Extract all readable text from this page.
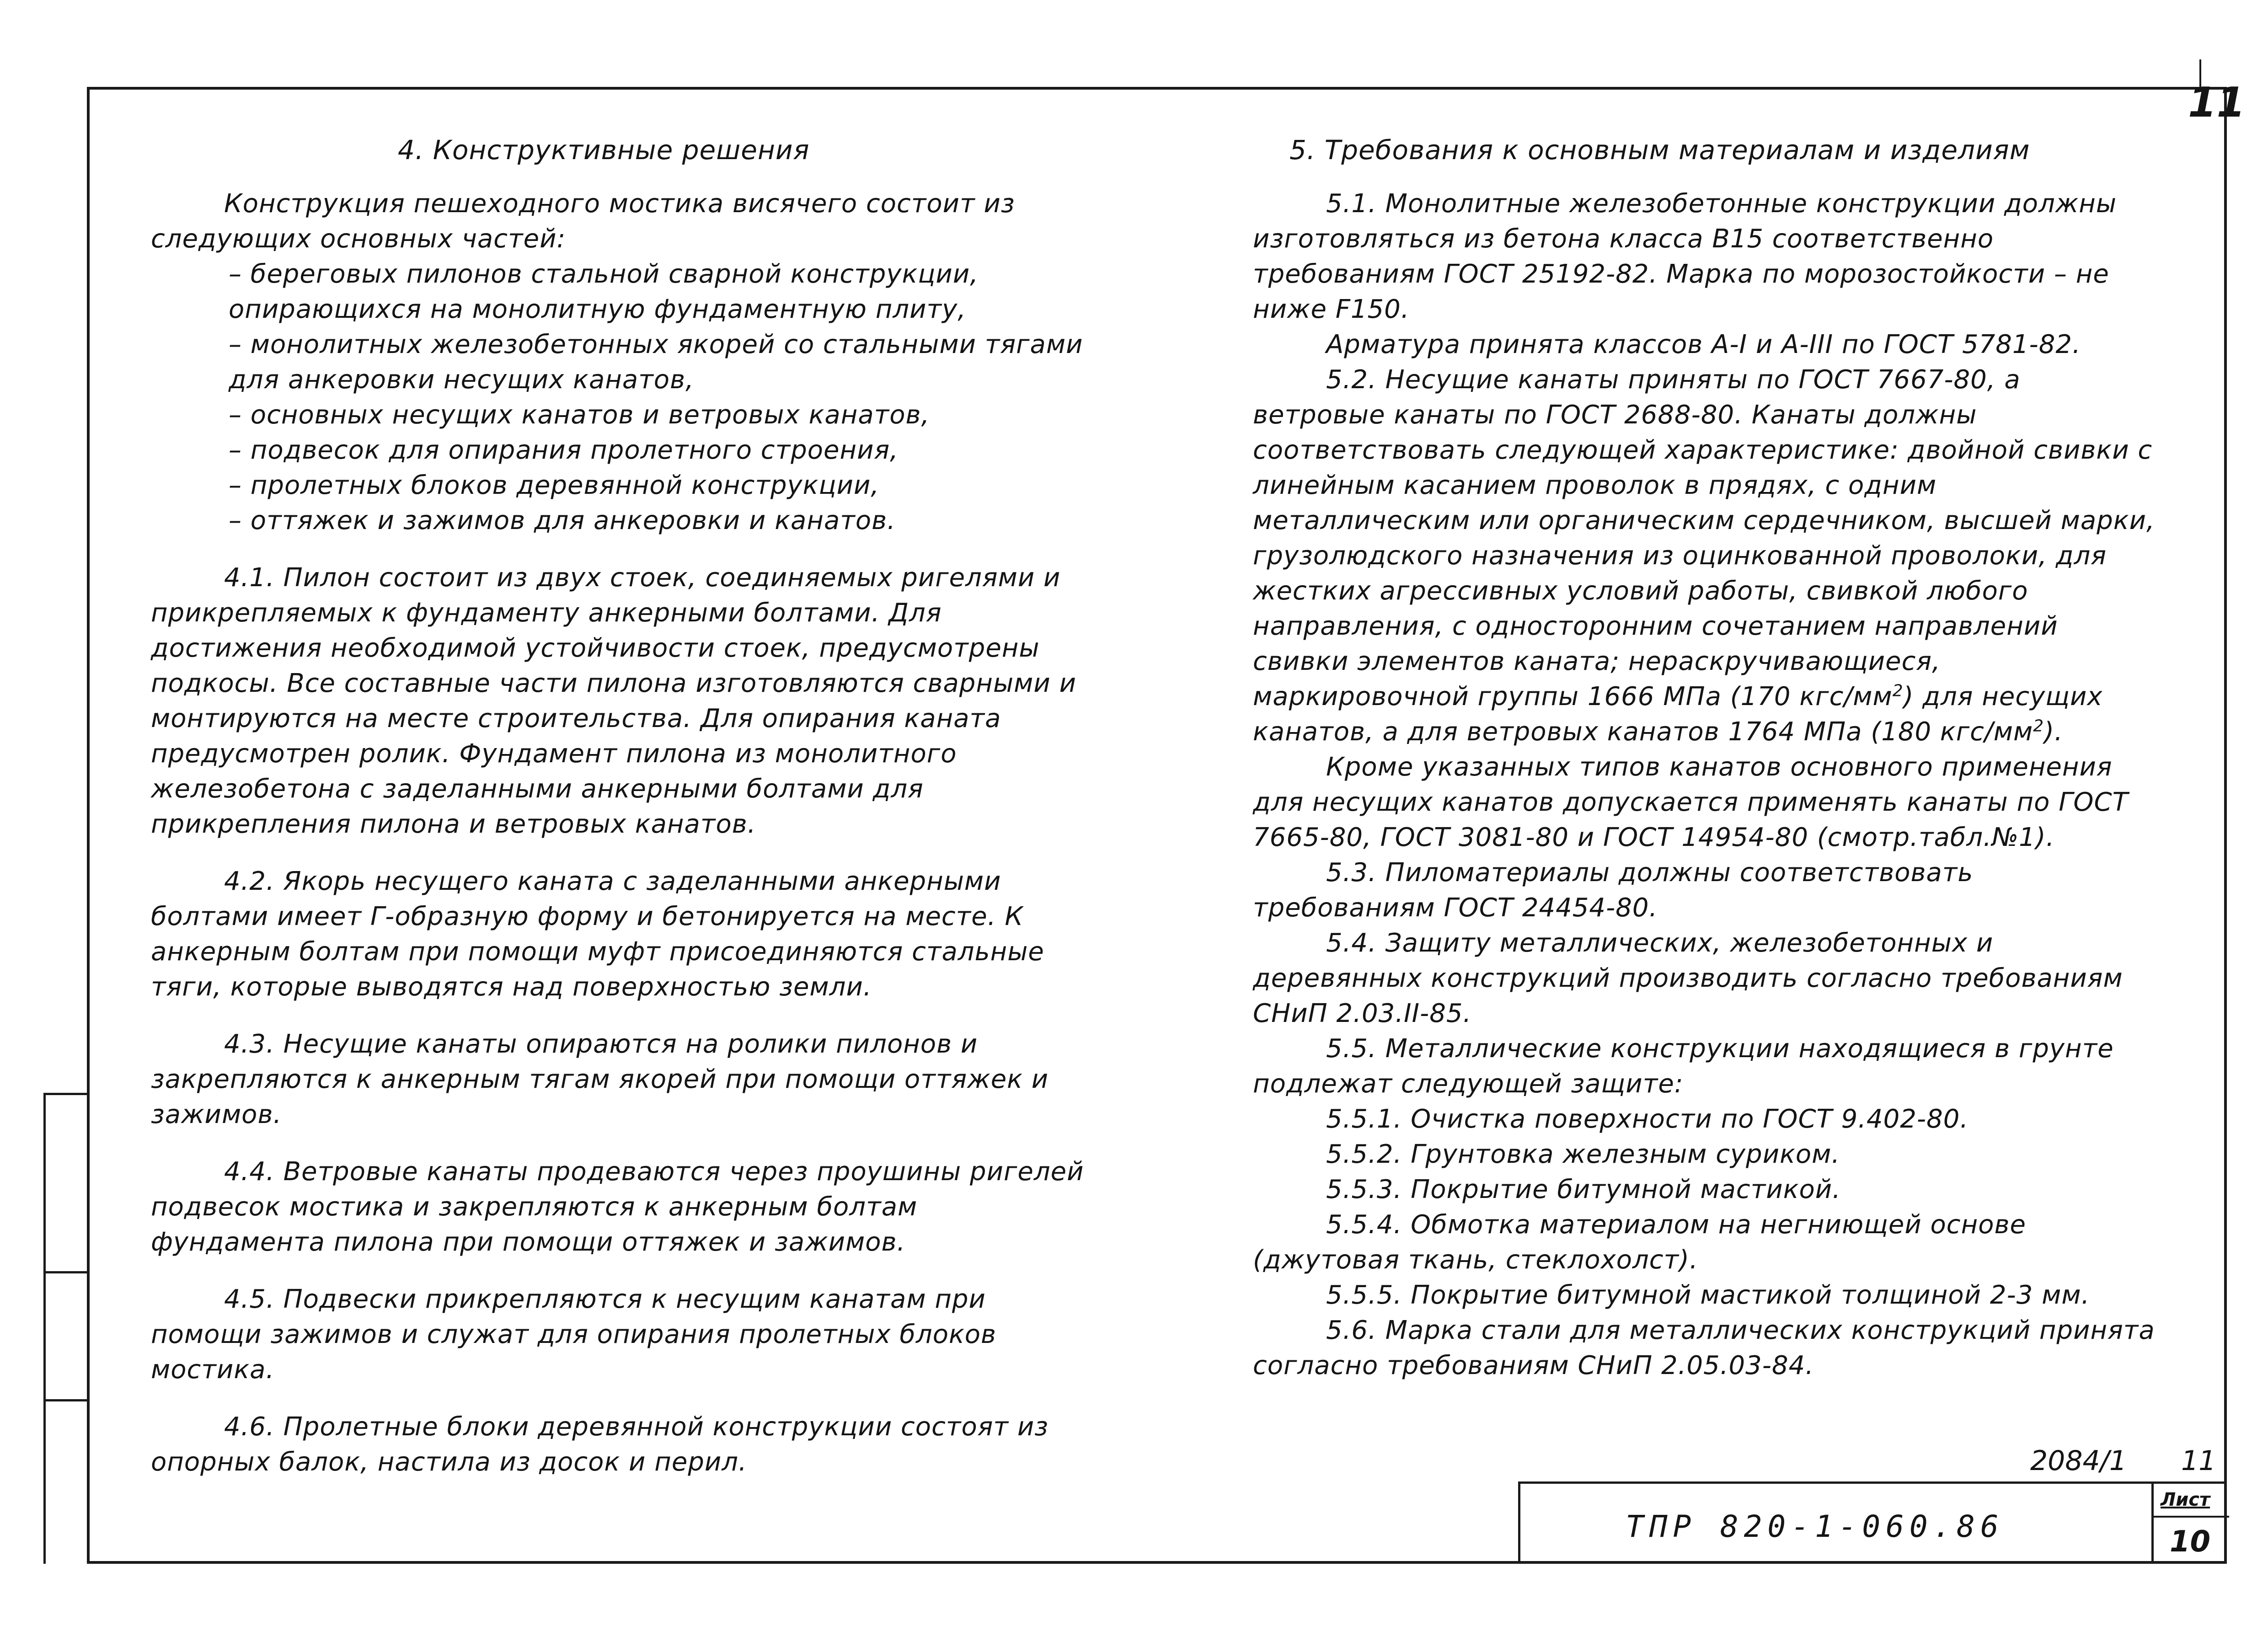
11
4. Конструктивные решения

Конструкция пешеходного мостика висячего состоит из следующих основных частей:

– береговых пилонов стальной сварной конструкции, опирающихся на монолитную фундаментную плиту,

– монолитных железобетонных якорей со стальными тягами для анкеровки несущих канатов,

– основных несущих канатов и ветровых канатов,

– подвесок для опирания пролетного строения,

– пролетных блоков деревянной конструкции,

– оттяжек и зажимов для анкеровки и канатов.

4.1. Пилон состоит из двух стоек, соединяемых ригелями и прикрепляемых к фундаменту анкерными болтами. Для достижения необходимой устойчивости стоек, предусмотрены подкосы. Все составные части пилона изготовляются сварными и монтируются на месте строительства. Для опирания каната предусмотрен ролик. Фундамент пилона из монолитного железобетона с заделанными анкерными болтами для прикрепления пилона и ветровых канатов.

4.2. Якорь несущего каната с заделанными анкерными болтами имеет Г-образную форму и бетонируется на месте. К анкерным болтам при помощи муфт присоединяются стальные тяги, которые выводятся над поверхностью земли.

4.3. Несущие канаты опираются на ролики пилонов и закрепляются к анкерным тягам якорей при помощи оттяжек и зажимов.

4.4. Ветровые канаты продеваются через проушины ригелей подвесок мостика и закрепляются к анкерным болтам фундамента пилона при помощи оттяжек и зажимов.

4.5. Подвески прикрепляются к несущим канатам при помощи зажимов и служат для опирания пролетных блоков мостика.

4.6. Пролетные блоки деревянной конструкции состоят из опорных балок, настила из досок и перил.

5. Требования к основным материалам и изделиям

5.1. Монолитные железобетонные конструкции должны изготовляться из бетона класса В15 соответственно требованиям ГОСТ 25192-82. Марка по морозостойкости – не ниже F150.

Арматура принята классов А-I и А-III по ГОСТ 5781-82.

5.2. Несущие канаты приняты по ГОСТ 7667-80, а ветровые канаты по ГОСТ 2688-80. Канаты должны соответствовать следующей характеристике: двойной свивки с линейным касанием проволок в прядях, с одним металлическим или органическим сердечником, высшей марки, грузолюдского назначения из оцинкованной проволоки, для жестких агрессивных условий работы, свивкой любого направления, с односторонним сочетанием направлений свивки элементов каната; нераскручивающиеся, маркировочной группы 1666 МПа (170 кгс/$мм^2$) для несущих канатов, а для ветровых канатов 1764 МПа (180 кгс/$мм^2$).

Кроме указанных типов канатов основного применения для несущих канатов допускается применять канаты по ГОСТ 7665-80, ГОСТ 3081-80 и ГОСТ 14954-80 (смотр.табл.№1).

5.3. Пиломатериалы должны соответствовать требованиям ГОСТ 24454-80.

5.4. Защиту металлических, железобетонных и деревянных конструкций производить согласно требованиям СНиП 2.03.II-85.

5.5. Металлические конструкции находящиеся в грунте подлежат следующей защите:

5.5.1. Очистка поверхности по ГОСТ 9.402-80.

5.5.2. Грунтовка железным суриком.

5.5.3. Покрытие битумной мастикой.

5.5.4. Обмотка материалом на негниющей основе (джутовая ткань, стеклохолст).

5.5.5. Покрытие битумной мастикой толщиной 2-3 мм.

5.6. Марка стали для металлических конструкций принята согласно требованиям СНиП 2.05.03-84.

2084/1 11
ТПР 820-1-060.86
Лист
10
